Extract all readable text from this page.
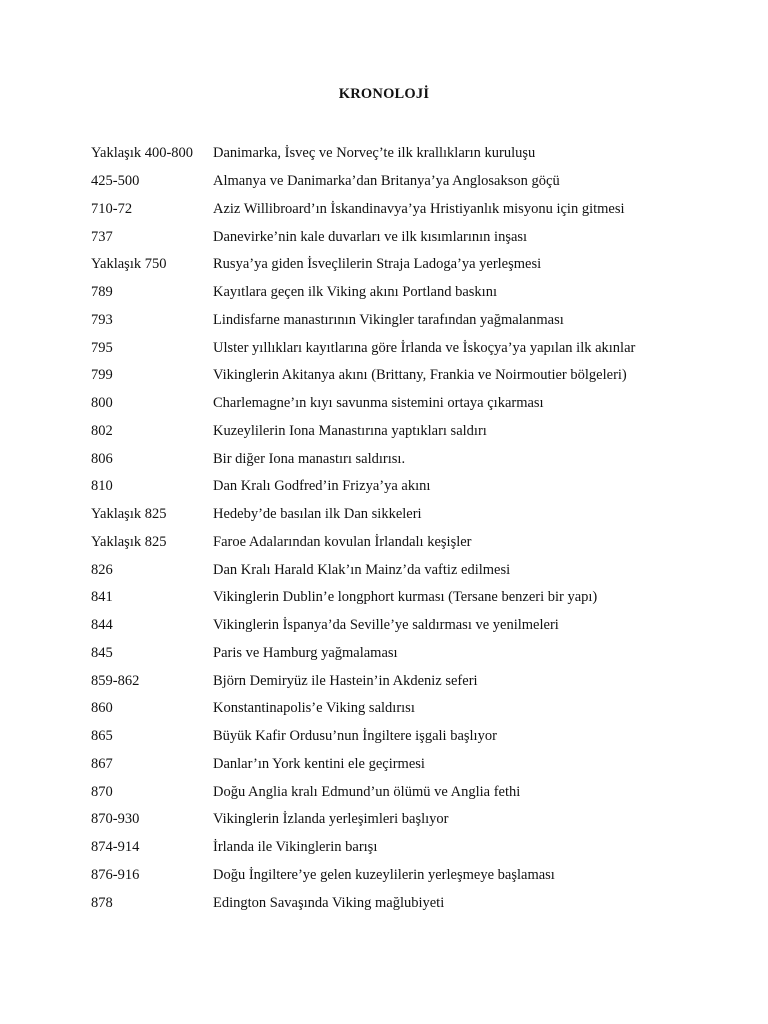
KRONOLOJİ
Yaklaşık 400-800	Danimarka, İsveç ve Norveç’te ilk krallıkların kuruluşu
425-500	Almanya ve Danimarka’dan Britanya’ya Anglosakson göçü
710-72	Aziz Willibroard’ın İskandinavya’ya Hristiyanlık misyonu için gitmesi
737	Danevirke’nin kale duvarları ve ilk kısımlarının inşası
Yaklaşık 750	Rusya’ya giden İsveçlilerin Straja Ladoga’ya yerleşmesi
789	Kayıtlara geçen ilk Viking akını Portland baskını
793	Lindisfarne manastırının Vikingler tarafından yağmalanması
795	Ulster yıllıkları kayıtlarına göre İrlanda ve İskoçya’ya yapılan ilk akınlar
799	Vikinglerin Akitanya akını (Brittany, Frankia ve Noirmoutier bölgeleri)
800	Charlemagne’ın kıyı savunma sistemini ortaya çıkarması
802	Kuzeylilerin Iona Manastırına yaptıkları saldırı
806	Bir diğer Iona manastırı saldırısı.
810	Dan Kralı Godfred’in Frizya’ya akını
Yaklaşık 825	Hedeby’de basılan ilk Dan sikkeleri
Yaklaşık 825	Faroe Adalarından kovulan İrlandalı keşişler
826	Dan Kralı Harald Klak’ın Mainz’da vaftiz edilmesi
841	Vikinglerin Dublin’e longphort kurması (Tersane benzeri bir yapı)
844	Vikinglerin İspanya’da Seville’ye saldırması ve yenilmeleri
845	Paris ve Hamburg yağmalaması
859-862	Björn Demiryüz ile Hastein’in Akdeniz seferi
860	Konstantinapolis’e Viking saldırısı
865	Büyük Kafir Ordusu’nun İngiltere işgali başlıyor
867	Danlar’ın York kentini ele geçirmesi
870	Doğu Anglia kralı Edmund’un ölümü ve Anglia fethi
870-930	Vikinglerin İzlanda yerleşimleri başlıyor
874-914	İrlanda ile Vikinglerin barışı
876-916	Doğu İngiltere’ye gelen kuzeylilerin yerleşmeye başlaması
878	Edington Savaşında Viking mağlubiyeti
